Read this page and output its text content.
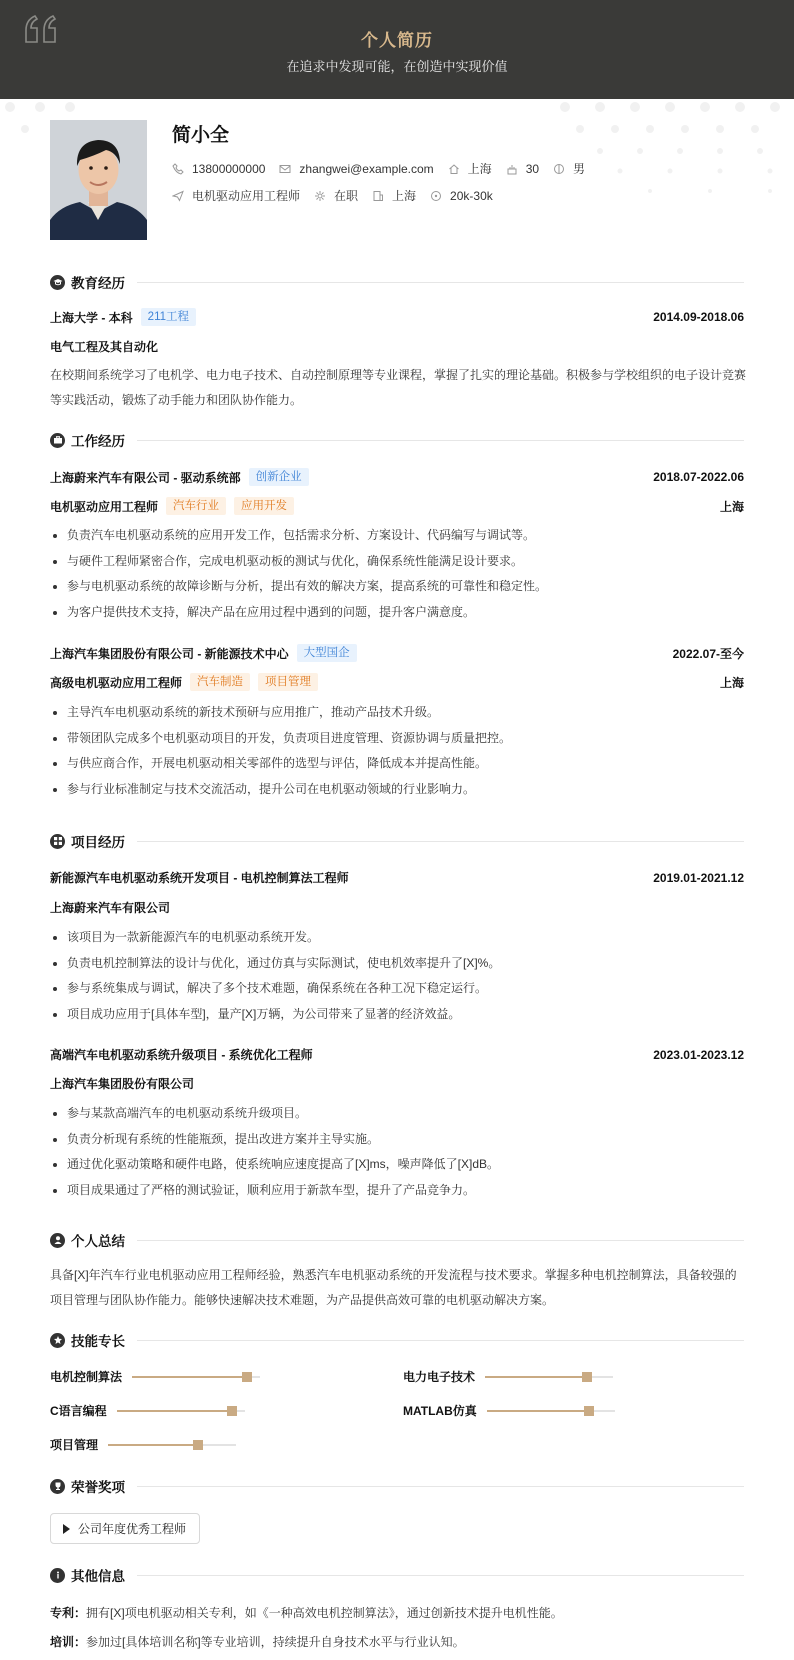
个人简历
在追求中发现可能，在创造中实现价值
简小全
13800000000	zhangwei@example.com	上海	30	男
电机驱动应用工程师	在职	上海	20k-30k
教育经历
上海大学 - 本科	211工程	2014.09-2018.06
电气工程及其自动化
在校期间系统学习了电机学、电力电子技术、自动控制原理等专业课程，掌握了扎实的理论基础。积极参与学校组织的电子设计竞赛等实践活动，锻炼了动手能力和团队协作能力。
工作经历
上海蔚来汽车有限公司 - 驱动系统部	创新企业	2018.07-2022.06
电机驱动应用工程师	汽车行业	应用开发	上海
负责汽车电机驱动系统的应用开发工作，包括需求分析、方案设计、代码编写与调试等。
与硬件工程师紧密合作，完成电机驱动板的测试与优化，确保系统性能满足设计要求。
参与电机驱动系统的故障诊断与分析，提出有效的解决方案，提高系统的可靠性和稳定性。
为客户提供技术支持，解决产品在应用过程中遇到的问题，提升客户满意度。
上海汽车集团股份有限公司 - 新能源技术中心	大型国企	2022.07-至今
高级电机驱动应用工程师	汽车制造	项目管理	上海
主导汽车电机驱动系统的新技术预研与应用推广，推动产品技术升级。
带领团队完成多个电机驱动项目的开发，负责项目进度管理、资源协调与质量把控。
与供应商合作，开展电机驱动相关零部件的选型与评估，降低成本并提高性能。
参与行业标准制定与技术交流活动，提升公司在电机驱动领域的行业影响力。
项目经历
新能源汽车电机驱动系统开发项目 - 电机控制算法工程师	2019.01-2021.12
上海蔚来汽车有限公司
该项目为一款新能源汽车的电机驱动系统开发。
负责电机控制算法的设计与优化，通过仿真与实际测试，使电机效率提升了[X]%。
参与系统集成与调试，解决了多个技术难题，确保系统在各种工况下稳定运行。
项目成功应用于[具体车型]，量产[X]万辆，为公司带来了显著的经济效益。
高端汽车电机驱动系统升级项目 - 系统优化工程师	2023.01-2023.12
上海汽车集团股份有限公司
参与某款高端汽车的电机驱动系统升级项目。
负责分析现有系统的性能瓶颈，提出改进方案并主导实施。
通过优化驱动策略和硬件电路，使系统响应速度提高了[X]ms，噪声降低了[X]dB。
项目成果通过了严格的测试验证，顺利应用于新款车型，提升了产品竞争力。
个人总结
具备[X]年汽车行业电机驱动应用工程师经验，熟悉汽车电机驱动系统的开发流程与技术要求。掌握多种电机控制算法，具备较强的项目管理与团队协作能力。能够快速解决技术难题，为产品提供高效可靠的电机驱动解决方案。
技能专长
电机控制算法	电力电子技术
C语言编程	MATLAB仿真
项目管理
荣誉奖项
公司年度优秀工程师
其他信息
专利：拥有[X]项电机驱动相关专利，如《一种高效电机控制算法》，通过创新技术提升电机性能。
培训：参加过[具体培训名称]等专业培训，持续提升自身技术水平与行业认知。
